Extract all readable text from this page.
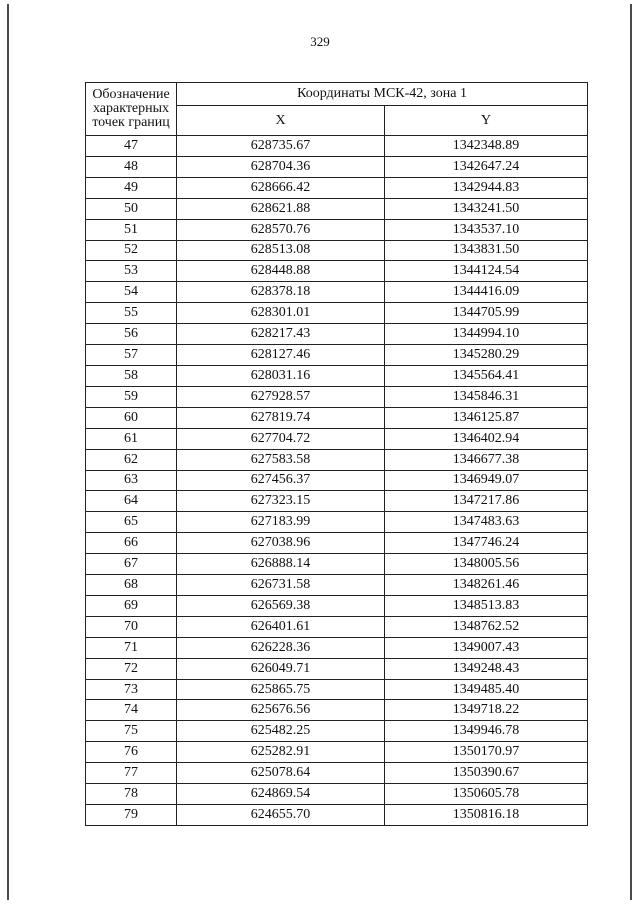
329
Обозначение
характерных
точек границ	Координаты МСК-42, зона 1	
	X	Y
47	628735.67	1342348.89
48	628704.36	1342647.24
49	628666.42	1342944.83
50	628621.88	1343241.50
51	628570.76	1343537.10
52	628513.08	1343831.50
53	628448.88	1344124.54
54	628378.18	1344416.09
55	628301.01	1344705.99
56	628217.43	1344994.10
57	628127.46	1345280.29
58	628031.16	1345564.41
59	627928.57	1345846.31
60	627819.74	1346125.87
61	627704.72	1346402.94
62	627583.58	1346677.38
63	627456.37	1346949.07
64	627323.15	1347217.86
65	627183.99	1347483.63
66	627038.96	1347746.24
67	626888.14	1348005.56
68	626731.58	1348261.46
69	626569.38	1348513.83
70	626401.61	1348762.52
71	626228.36	1349007.43
72	626049.71	1349248.43
73	625865.75	1349485.40
74	625676.56	1349718.22
75	625482.25	1349946.78
76	625282.91	1350170.97
77	625078.64	1350390.67
78	624869.54	1350605.78
79	624655.70	1350816.18
